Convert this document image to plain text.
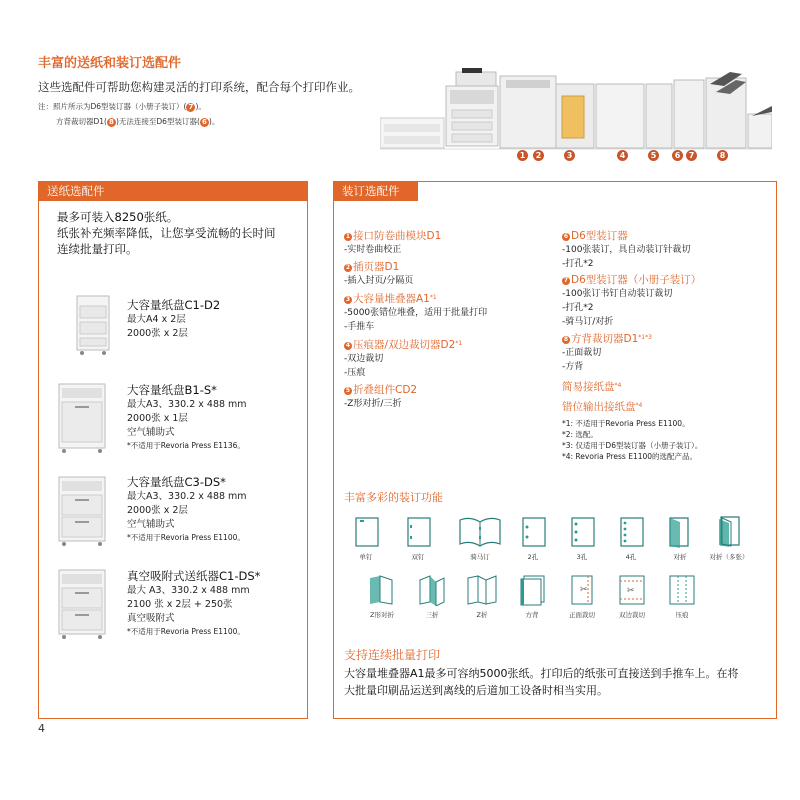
丰富的送纸和装订选配件
这些选配件可帮助您构建灵活的打印系统，配合每个打印作业。
注：照片所示为D6型装订器（小册子装订）( 7 )。
方背裁切器D1( 8 )无法连接至D6型装订器( 6 )。
1	2	3	4	5	6	7	8
送纸选配件
最多可装入8250张纸。
纸张补充频率降低，让您享受流畅的长时间
连续批量打印。
大容量纸盘C1-D2
最大A4 x 2层
2000张 x 2层
大容量纸盘B1-S*
最大A3、330.2 x 488 mm
2000张 x 1层
空气辅助式
*不适用于Revoria Press E1136。
大容量纸盘C3-DS*
最大A3、330.2 x 488 mm
2000张 x 2层
空气辅助式
*不适用于Revoria Press E1100。
真空吸附式送纸器C1-DS*
最大 A3、330.2 x 488 mm
2100 张 x 2层 + 250张
真空吸附式
*不适用于Revoria Press E1100。
装订选配件
1 接口防卷曲模块D1
-实时卷曲校正
2 插页器D1
-插入封页/分隔页
3 大容量堆叠器A1$^{*1}$
-5000张错位堆叠，适用于批量打印
-手推车
4 压痕器/双边裁切器D2$^{*1}$
-双边裁切
-压痕
5 折叠组件CD2
-Z形对折/三折
6 D6型装订器
-100张装订，具自动装订针裁切
-打孔*2
7 D6型装订器（小册子装订）
-100张订书钉自动装订裁切
-打孔*2
-骑马订/对折
8 方背裁切器$D1^{*1*3}$
-正面裁切
-方背
简易接纸盘$^{*4}$
错位输出接纸盘$^{*4}$
*1: 不适用于Revoria Press E1100。
*2: 选配。
*3: 仅适用于D6型装订器（小册子装订）。
*4: Revoria Press E1100的选配产品。
丰富多彩的装订功能
单钉	双钉	骑马订	2孔	3孔	4孔	对折	对折（多张）
✂	✂
Z形对折	三折	Z折	方背	正面裁切	双边裁切	压痕
支持连续批量打印
大容量堆叠器A1最多可容纳5000张纸。打印后的纸张可直接送到手推车上。在将
大批量印刷品运送到离线的后道加工设备时相当实用。
4
